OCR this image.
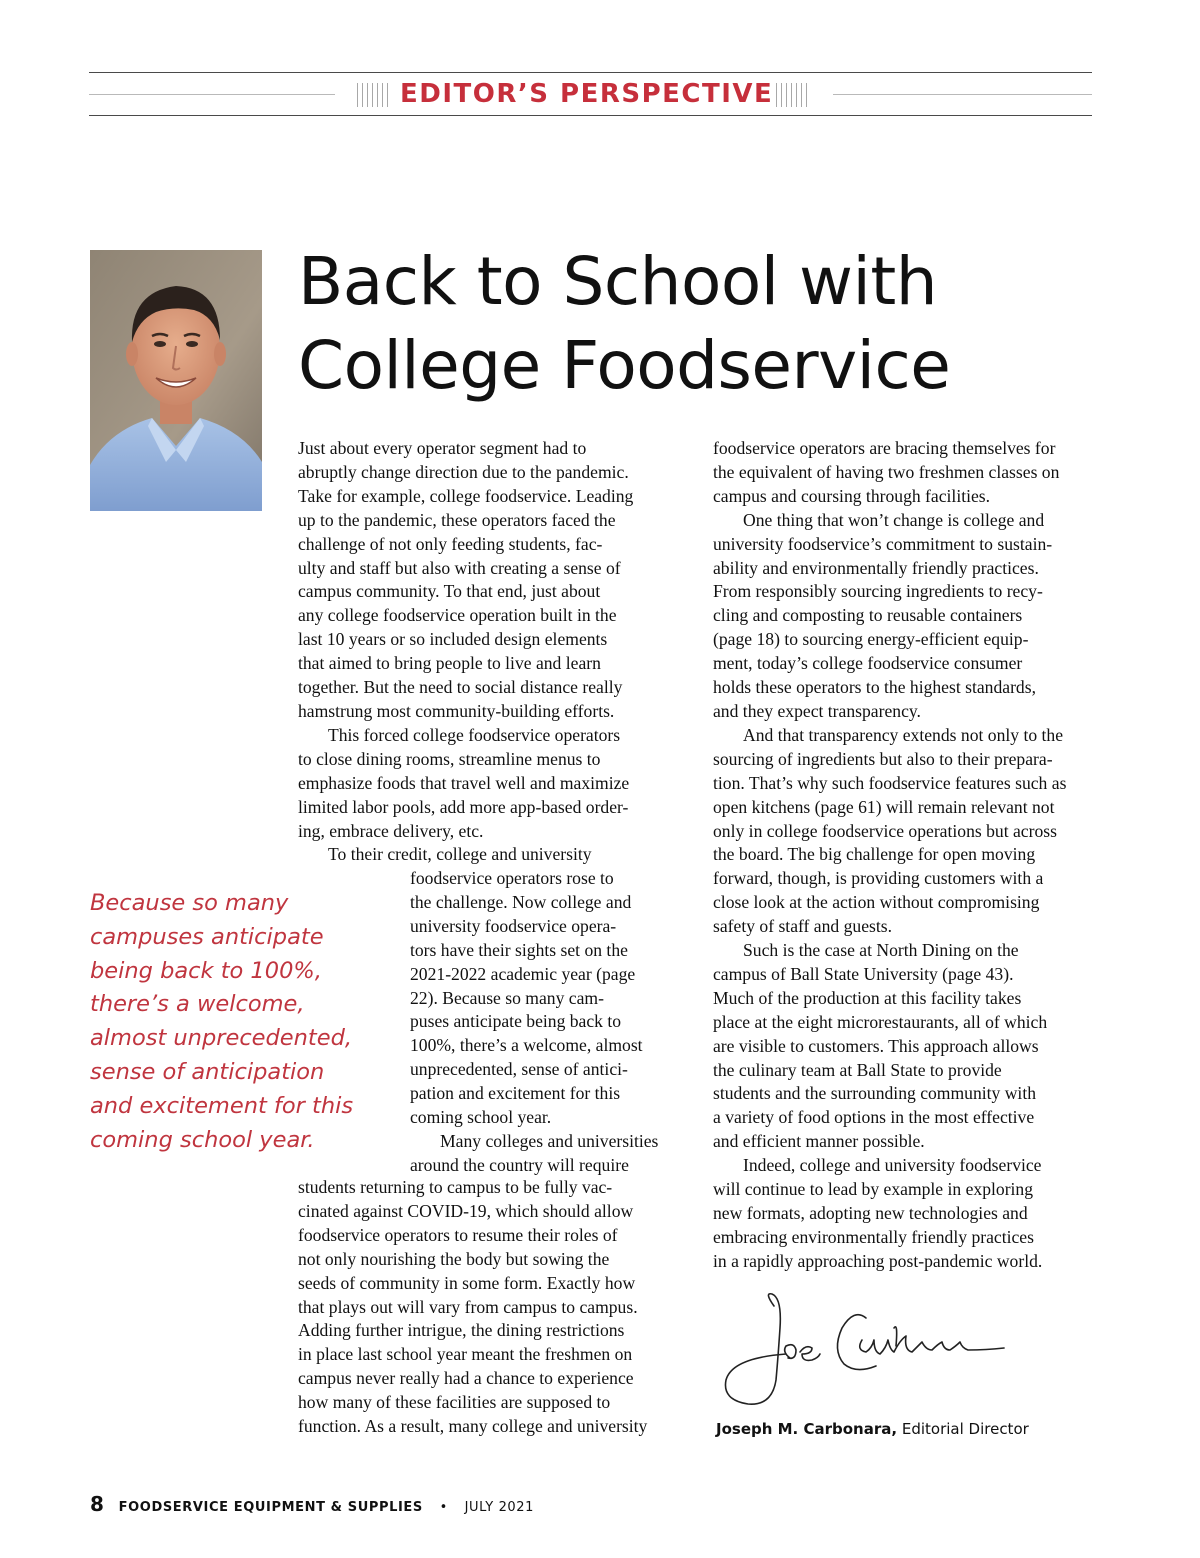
EDITOR’S PERSPECTIVE
Back to School with
College Foodservice
Because so many
campuses anticipate
being back to 100%,
there’s a welcome,
almost unprecedented,
sense of anticipation
and excitement for this
coming school year.
Just about every operator segment had to
abruptly change direction due to the pandemic.
Take for example, college foodservice. Leading
up to the pandemic, these operators faced the
challenge of not only feeding students, fac-
ulty and staff but also with creating a sense of
campus community. To that end, just about
any college foodservice operation built in the
last 10 years or so included design elements
that aimed to bring people to live and learn
together. But the need to social distance really
hamstrung most community-building efforts.
This forced college foodservice operators
to close dining rooms, streamline menus to
emphasize foods that travel well and maximize
limited labor pools, add more app-based order-
ing, embrace delivery, etc.
To their credit, college and university
foodservice operators rose to
the challenge. Now college and
university foodservice opera-
tors have their sights set on the
2021-2022 academic year (page
22). Because so many cam-
puses anticipate being back to
100%, there’s a welcome, almost
unprecedented, sense of antici-
pation and excitement for this
coming school year.
Many colleges and universities
around the country will require
students returning to campus to be fully vac-
cinated against COVID-19, which should allow
foodservice operators to resume their roles of
not only nourishing the body but sowing the
seeds of community in some form. Exactly how
that plays out will vary from campus to campus.
Adding further intrigue, the dining restrictions
in place last school year meant the freshmen on
campus never really had a chance to experience
how many of these facilities are supposed to
function. As a result, many college and university
foodservice operators are bracing themselves for
the equivalent of having two freshmen classes on
campus and coursing through facilities.
One thing that won’t change is college and
university foodservice’s commitment to sustain-
ability and environmentally friendly practices.
From responsibly sourcing ingredients to recy-
cling and composting to reusable containers
(page 18) to sourcing energy-efficient equip-
ment, today’s college foodservice consumer
holds these operators to the highest standards,
and they expect transparency.
And that transparency extends not only to the
sourcing of ingredients but also to their prepara-
tion. That’s why such foodservice features such as
open kitchens (page 61) will remain relevant not
only in college foodservice operations but across
the board. The big challenge for open moving
forward, though, is providing customers with a
close look at the action without compromising
safety of staff and guests.
Such is the case at North Dining on the
campus of Ball State University (page 43).
Much of the production at this facility takes
place at the eight microrestaurants, all of which
are visible to customers. This approach allows
the culinary team at Ball State to provide
students and the surrounding community with
a variety of food options in the most effective
and efficient manner possible.
Indeed, college and university foodservice
will continue to lead by example in exploring
new formats, adopting new technologies and
embracing environmentally friendly practices
in a rapidly approaching post-pandemic world.
Joseph M. Carbonara, Editorial Director
8 FOODSERVICE EQUIPMENT & SUPPLIES • JULY 2021
